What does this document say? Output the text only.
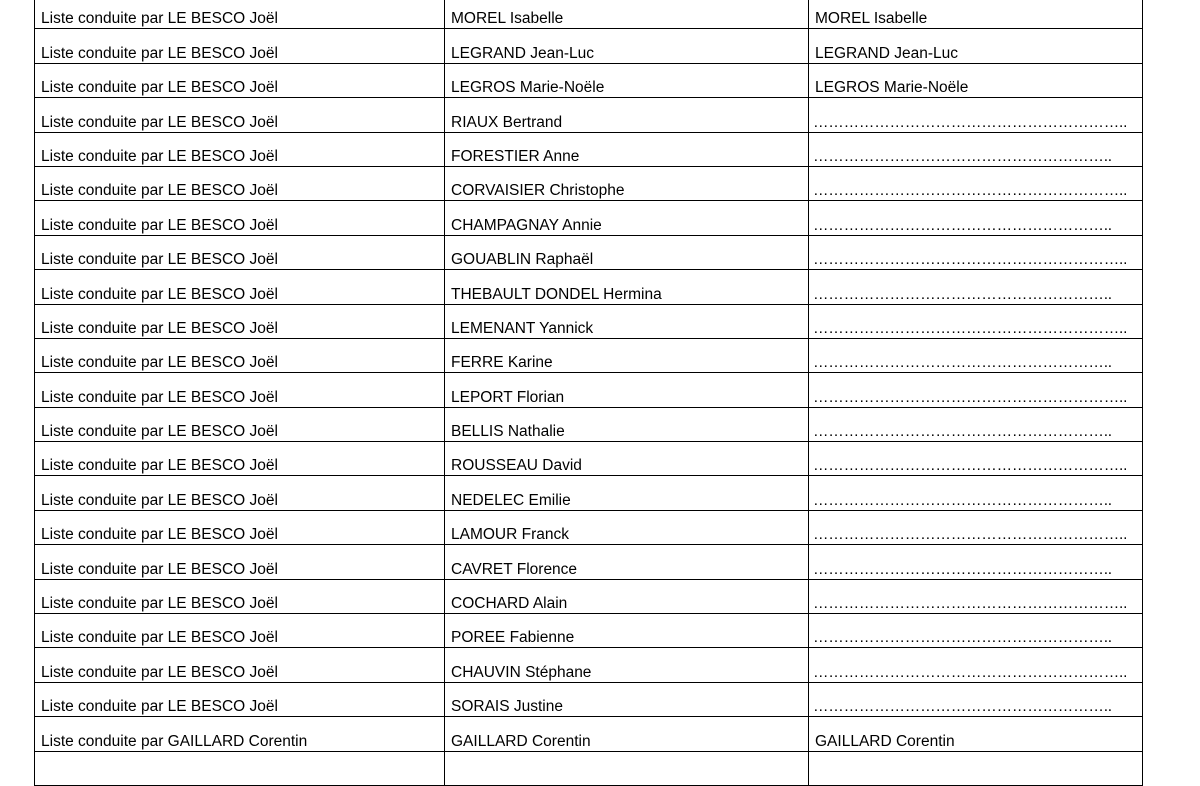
Liste conduite par LE BESCO Joël	MOREL Isabelle	MOREL Isabelle
Liste conduite par LE BESCO Joël	LEGRAND Jean-Luc	LEGRAND Jean-Luc
Liste conduite par LE BESCO Joël	LEGROS Marie-Noële	LEGROS Marie-Noële
Liste conduite par LE BESCO Joël	RIAUX Bertrand	……………………………………………………..
Liste conduite par LE BESCO Joël	FORESTIER Anne	…………………………………………………..
Liste conduite par LE BESCO Joël	CORVAISIER Christophe	……………………………………………………..
Liste conduite par LE BESCO Joël	CHAMPAGNAY Annie	…………………………………………………..
Liste conduite par LE BESCO Joël	GOUABLIN Raphaël	……………………………………………………..
Liste conduite par LE BESCO Joël	THEBAULT DONDEL Hermina	…………………………………………………..
Liste conduite par LE BESCO Joël	LEMENANT Yannick	……………………………………………………..
Liste conduite par LE BESCO Joël	FERRE Karine	…………………………………………………..
Liste conduite par LE BESCO Joël	LEPORT Florian	……………………………………………………..
Liste conduite par LE BESCO Joël	BELLIS Nathalie	…………………………………………………..
Liste conduite par LE BESCO Joël	ROUSSEAU David	……………………………………………………..
Liste conduite par LE BESCO Joël	NEDELEC Emilie	…………………………………………………..
Liste conduite par LE BESCO Joël	LAMOUR Franck	……………………………………………………..
Liste conduite par LE BESCO Joël	CAVRET Florence	…………………………………………………..
Liste conduite par LE BESCO Joël	COCHARD Alain	……………………………………………………..
Liste conduite par LE BESCO Joël	POREE Fabienne	…………………………………………………..
Liste conduite par LE BESCO Joël	CHAUVIN Stéphane	……………………………………………………..
Liste conduite par LE BESCO Joël	SORAIS Justine	…………………………………………………..
Liste conduite par GAILLARD Corentin	GAILLARD Corentin	GAILLARD Corentin
